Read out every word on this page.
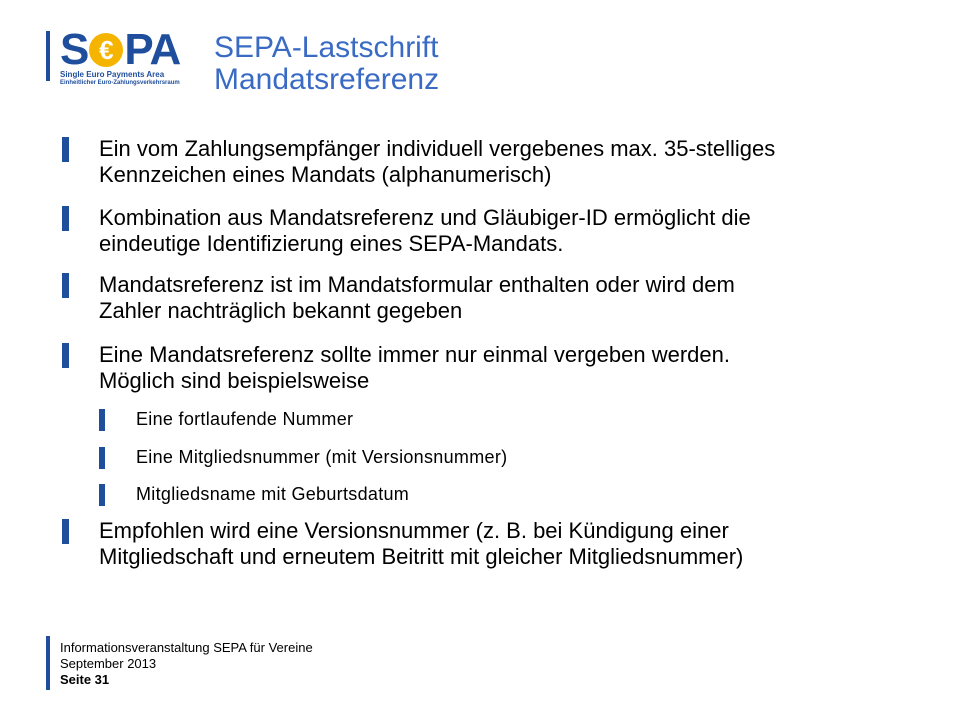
S € PA
Single Euro Payments Area
Einheitlicher Euro-Zahlungsverkehrsraum
SEPA-Lastschrift
Mandatsreferenz
Ein vom Zahlungsempfänger individuell vergebenes max. 35-stelliges
Kennzeichen eines Mandats (alphanumerisch)
Kombination aus Mandatsreferenz und Gläubiger-ID ermöglicht die
eindeutige Identifizierung eines SEPA-Mandats.
Mandatsreferenz ist im Mandatsformular enthalten oder wird dem
Zahler nachträglich bekannt gegeben
Eine Mandatsreferenz sollte immer nur einmal vergeben werden.
Möglich sind beispielsweise
Eine fortlaufende Nummer
Eine Mitgliedsnummer (mit Versionsnummer)
Mitgliedsname mit Geburtsdatum
Empfohlen wird eine Versionsnummer (z. B. bei Kündigung einer
Mitgliedschaft und erneutem Beitritt mit gleicher Mitgliedsnummer)
Informationsveranstaltung SEPA für Vereine
September 2013
Seite 31
